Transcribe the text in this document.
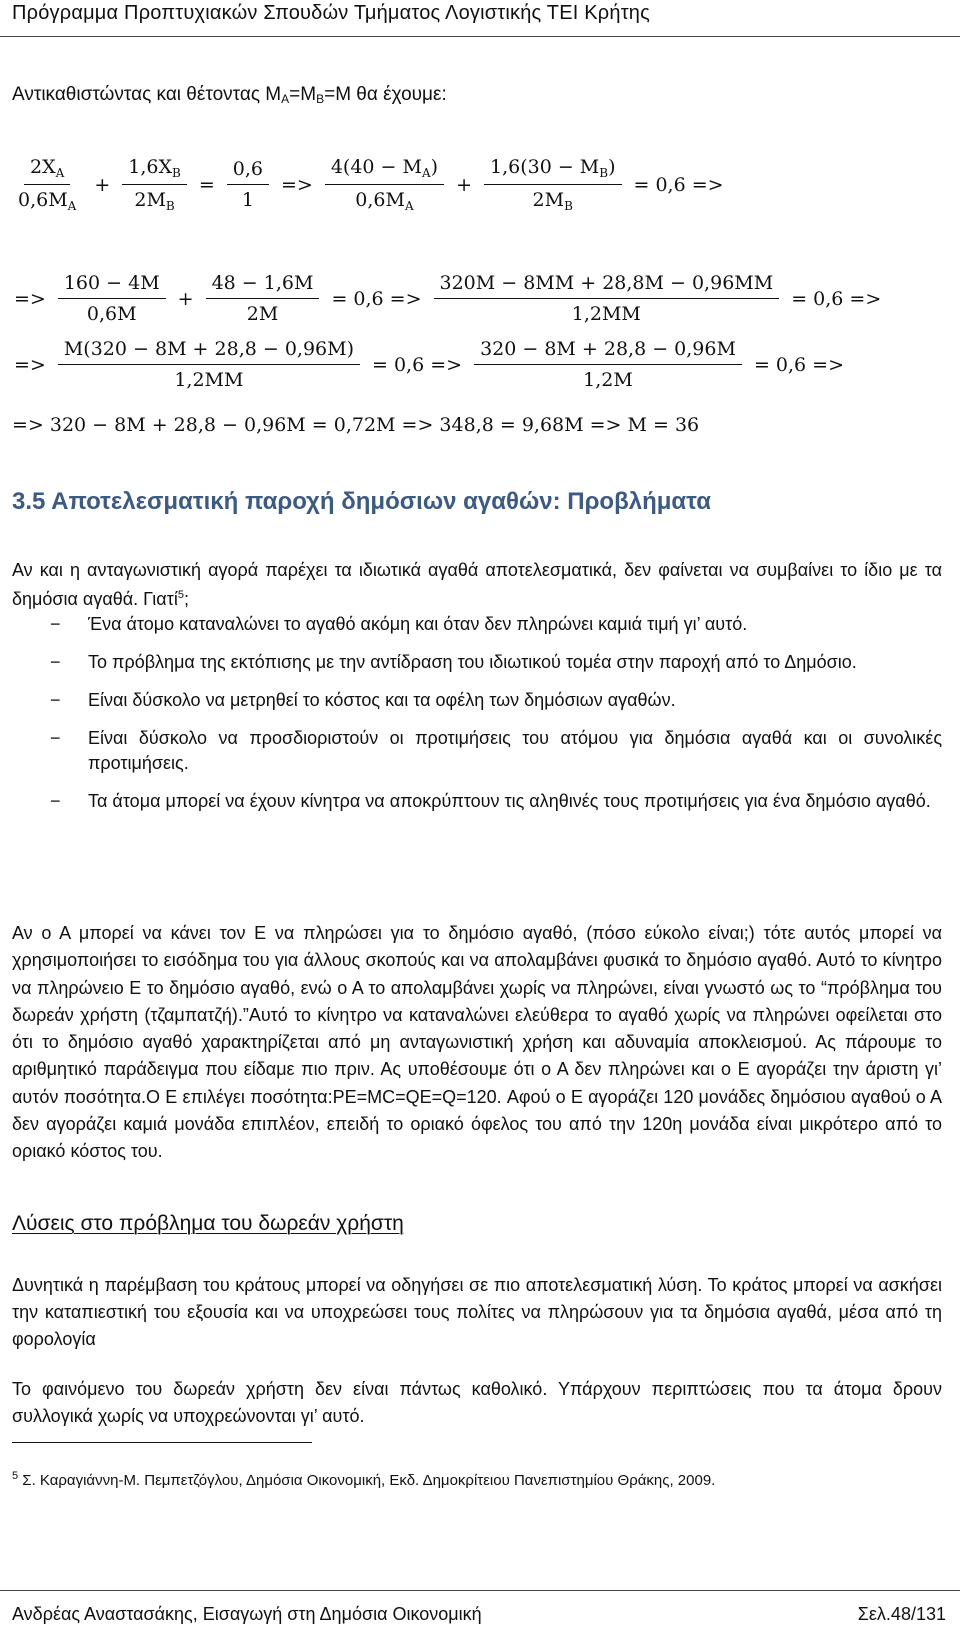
Πρόγραμμα Προπτυχιακών Σπουδών Τμήματος Λογιστικής ΤΕΙ Κρήτης
Αντικαθιστώντας και θέτοντας $M_A=M_B=M$ θα έχουμε:
$\frac{2X_A}{0,6M_A} + \frac{1,6X_B}{2M_B} = \frac{0,6}{1} => \frac{4(40 - M_A)}{0,6M_A} + \frac{1,6(30 - M_B)}{2M_B} = 0,6$ =>
=> $\frac{160 - 4M}{0,6M} + \frac{48 - 1,6M}{2M} = 0,6 => \frac{320M - 8MM + 28,8M - 0,96MM}{1,2MM} = 0,6$ =>
=> $\frac{M(320 - 8M + 28,8 - 0,96M)}{1,2MM} = 0,6 => \frac{320 - 8M + 28,8 - 0,96M}{1,2M} = 0,6$ =>
=> 320 − 8M + 28,8 − 0,96M = 0,72M => 348,8 = 9,68M => M = 36
3.5 Αποτελεσματική παροχή δημόσιων αγαθών: Προβλήματα
Αν και η ανταγωνιστική αγορά παρέχει τα ιδιωτικά αγαθά αποτελεσματικά, δεν φαίνεται να συμβαίνει το ίδιο με τα δημόσια αγαθά. Γιατί$^5$;
− Ένα άτομο καταναλώνει το αγαθό ακόμη και όταν δεν πληρώνει καμιά τιμή γι’ αυτό.
− Το πρόβλημα της εκτόπισης με την αντίδραση του ιδιωτικού τομέα στην παροχή από το Δημόσιο.
− Είναι δύσκολο να μετρηθεί το κόστος και τα οφέλη των δημόσιων αγαθών.
− Είναι δύσκολο να προσδιοριστούν οι προτιμήσεις του ατόμου για δημόσια αγαθά και οι συνολικές προτιμήσεις.
− Τα άτομα μπορεί να έχουν κίνητρα να αποκρύπτουν τις αληθινές τους προτιμήσεις για ένα δημόσιο αγαθό.
Αν ο Α μπορεί να κάνει τον Ε να πληρώσει για το δημόσιο αγαθό, (πόσο εύκολο είναι;) τότε αυτός μπορεί να χρησιμοποιήσει το εισόδημα του για άλλους σκοπούς και να απολαμβάνει φυσικά το δημόσιο αγαθό. Αυτό το κίνητρο να πληρώνειο Ε το δημόσιο αγαθό, ενώ ο Α το απολαμβάνει χωρίς να πληρώνει, είναι γνωστό ως το “πρόβλημα του δωρεάν χρήστη (τζαμπατζή).”Αυτό το κίνητρο να καταναλώνει ελεύθερα το αγαθό χωρίς να πληρώνει οφείλεται στο ότι το δημόσιο αγαθό χαρακτηρίζεται από μη ανταγωνιστική χρήση και αδυναμία αποκλεισμού. Ας πάρουμε το αριθμητικό παράδειγμα που είδαμε πιο πριν. Ας υποθέσουμε ότι ο Α δεν πληρώνει και ο Ε αγοράζει την άριστη γι’ αυτόν ποσότητα.Ο Ε επιλέγει ποσότητα:PE=MC=QE=Q=120. Αφού ο Ε αγοράζει 120 μονάδες δημόσιου αγαθού ο Α δεν αγοράζει καμιά μονάδα επιπλέον, επειδή το οριακό όφελος του από την 120η μονάδα είναι μικρότερο από το οριακό κόστος του.
Λύσεις στο πρόβλημα του δωρεάν χρήστη
Δυνητικά η παρέμβαση του κράτους μπορεί να οδηγήσει σε πιο αποτελεσματική λύση. Το κράτος μπορεί να ασκήσει την καταπιεστική του εξουσία και να υποχρεώσει τους πολίτες να πληρώσουν για τα δημόσια αγαθά, μέσα από τη φορολογία
Το φαινόμενο του δωρεάν χρήστη δεν είναι πάντως καθολικό. Υπάρχουν περιπτώσεις που τα άτομα δρουν συλλογικά χωρίς να υποχρεώνονται γι’ αυτό.
$^5$ Σ. Καραγιάννη-Μ. Πεμπετζόγλου, Δημόσια Οικονομική, Εκδ. Δημοκρίτειου Πανεπιστημίου Θράκης, 2009.
Ανδρέας Αναστασάκης, Εισαγωγή στη Δημόσια Οικονομική	Σελ.48/131
